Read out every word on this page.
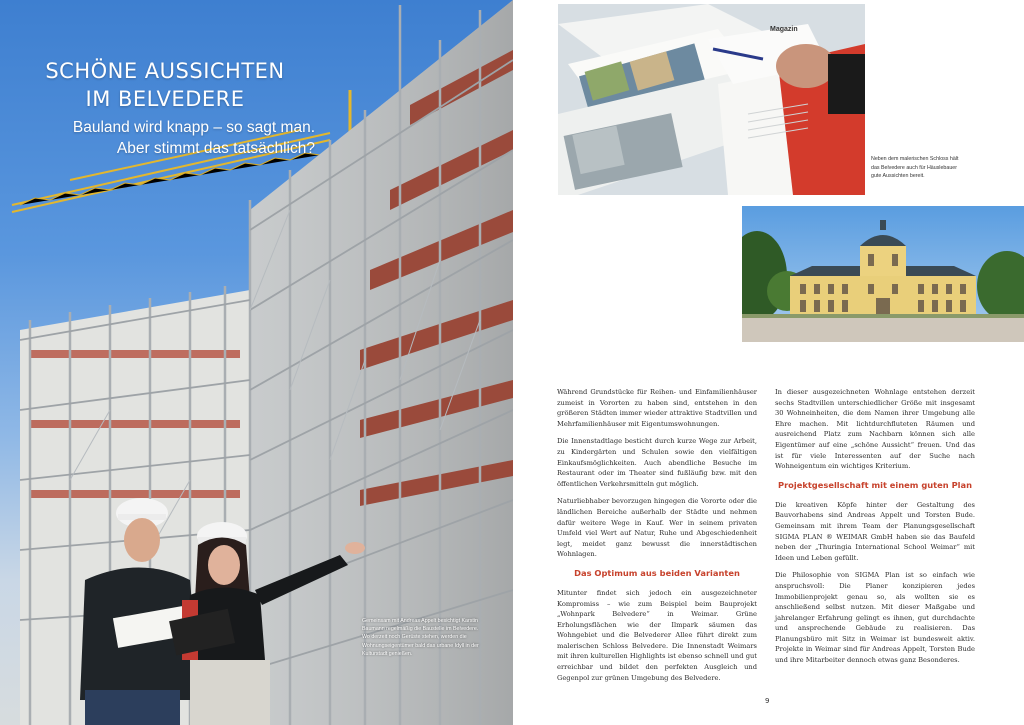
SCHÖNE AUSSICHTEN
IM BELVEDERE

Bauland wird knapp – so sagt man.

Aber stimmt das tatsächlich?

Gemeinsam mit Andreas Appelt besichtigt Karstin Baumann regelmäßig die Baustelle im Belvedere. Wo derzeit noch Gerüste stehen, werden die Wohnungseigentümer bald das urbane Idyll in der Kulturstadt genießen.
Magazin
Neben dem malerischen Schloss hält das Belvedere auch für Häuslebauer gute Aussichten bereit.

Während Grundstücke für Reihen- und Einfamilienhäuser zumeist in Vororten zu haben sind, entstehen in den größeren Städten immer wieder attraktive Stadtvillen und Mehrfamilienhäuser mit Eigentumswohnungen.

Die Innenstadtlage besticht durch kurze Wege zur Arbeit, zu Kindergärten und Schulen sowie den vielfältigen Einkaufsmöglichkeiten. Auch abendliche Besuche im Restaurant oder im Theater sind fußläufig bzw. mit den öffentlichen Verkehrsmitteln gut möglich.

Naturliebhaber bevorzugen hingegen die Vororte oder die ländlichen Bereiche außerhalb der Städte und nehmen dafür weitere Wege in Kauf. Wer in seinem privaten Umfeld viel Wert auf Natur, Ruhe und Abgeschiedenheit legt, meidet ganz bewusst die innerstädtischen Wohnlagen.

Das Optimum aus beiden Varianten

Mitunter findet sich jedoch ein ausgezeichneter Kompromiss – wie zum Beispiel beim Bauprojekt „Wohnpark Belvedere“ in Weimar. Grüne Erholungsflächen wie der Ilmpark säumen das Wohngebiet und die Belvederer Allee führt direkt zum malerischen Schloss Belvedere. Die Innenstadt Weimars mit ihren kulturellen Highlights ist ebenso schnell und gut erreichbar und bildet den perfekten Ausgleich und Gegenpol zur grünen Umgebung des Belvedere.

In dieser ausgezeichneten Wohnlage entstehen derzeit sechs Stadtvillen unterschiedlicher Größe mit insgesamt 30 Wohneinheiten, die dem Namen ihrer Umgebung alle Ehre machen. Mit lichtdurchfluteten Räumen und ausreichend Platz zum Nachbarn können sich alle Eigentümer auf eine „schöne Aussicht“ freuen. Und das ist für viele Interessenten auf der Suche nach Wohneigentum ein wichtiges Kriterium.

Projektgesellschaft mit einem guten Plan

Die kreativen Köpfe hinter der Gestaltung des Bauvorhabens sind Andreas Appelt und Torsten Bude. Gemeinsam mit ihrem Team der Planungsgesellschaft SIGMA PLAN ® WEIMAR GmbH haben sie das Baufeld neben der „Thuringia International School Weimar“ mit Ideen und Leben gefüllt.

Die Philosophie von SIGMA Plan ist so einfach wie anspruchsvoll: Die Planer konzipieren jedes Immobilienprojekt genau so, als wollten sie es anschließend selbst nutzen. Mit dieser Maßgabe und jahrelanger Erfahrung gelingt es ihnen, gut durchdachte und ansprechende Gebäude zu realisieren. Das Planungsbüro mit Sitz in Weimar ist bundesweit aktiv. Projekte in Weimar sind für Andreas Appelt, Torsten Bude und ihre Mitarbeiter dennoch etwas ganz Besonderes.

9
